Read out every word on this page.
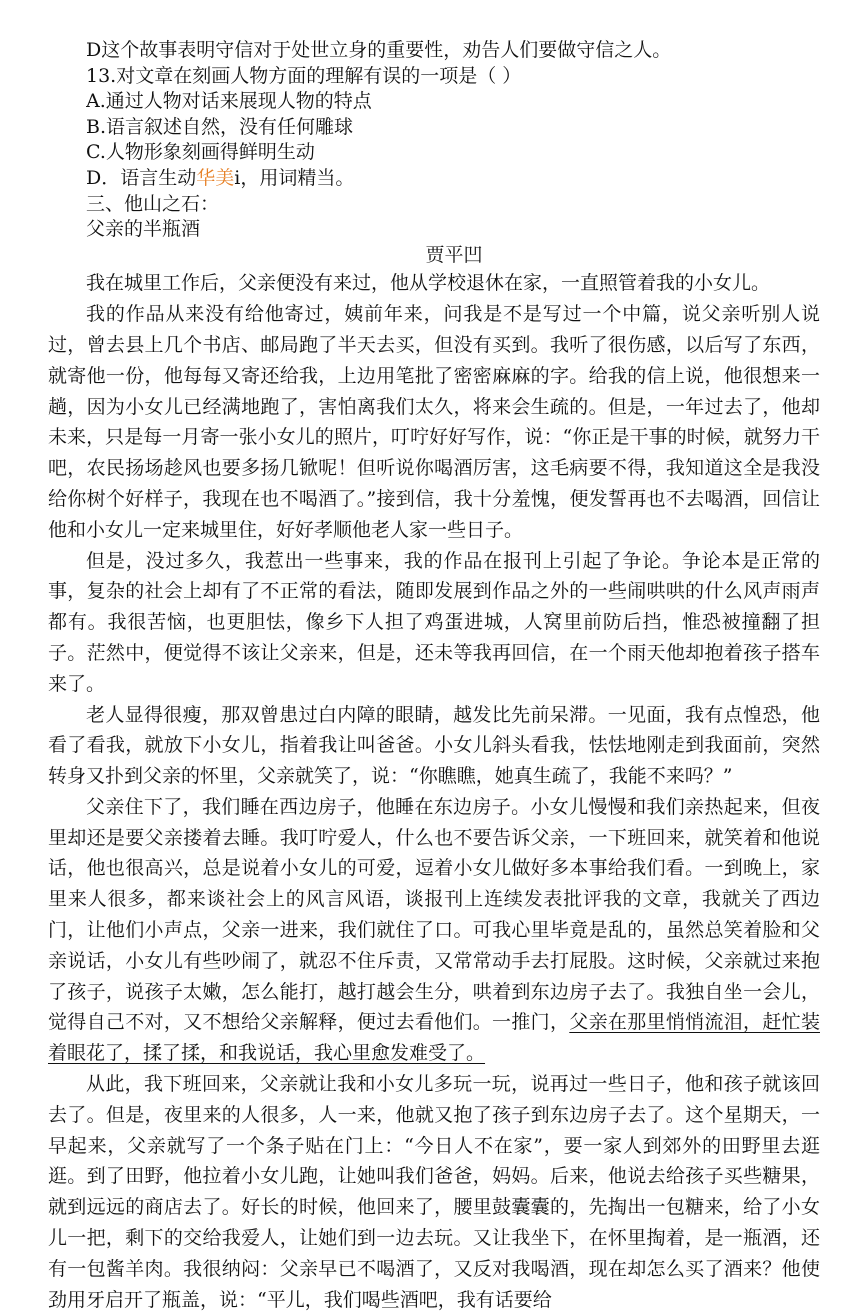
D这个故事表明守信对于处世立身的重要性，劝告人们要做守信之人。
13.对文章在刻画人物方面的理解有误的一项是（ ）
A.通过人物对话来展现人物的特点
B.语言叙述自然，没有任何雕球
C.人物形象刻画得鲜明生动
D．语言生动华美i，用词精当。
三、他山之石：
父亲的半瓶酒
贾平凹

我在城里工作后，父亲便没有来过，他从学校退休在家，一直照管着我的小女儿。

我的作品从来没有给他寄过，姨前年来，问我是不是写过一个中篇，说父亲听别人说过，曾去县上几个书店、邮局跑了半天去买，但没有买到。我听了很伤感，以后写了东西，就寄他一份，他每每又寄还给我，上边用笔批了密密麻麻的字。给我的信上说，他很想来一趟，因为小女儿已经满地跑了，害怕离我们太久，将来会生疏的。但是，一年过去了，他却未来，只是每一月寄一张小女儿的照片，叮咛好好写作，说：“你正是干事的时候，就努力干吧，农民扬场趁风也要多扬几锨呢！但听说你喝酒厉害，这毛病要不得，我知道这全是我没给你树个好样子，我现在也不喝酒了。”接到信，我十分羞愧，便发誓再也不去喝酒，回信让他和小女儿一定来城里住，好好孝顺他老人家一些日子。

但是，没过多久，我惹出一些事来，我的作品在报刊上引起了争论。争论本是正常的事，复杂的社会上却有了不正常的看法，随即发展到作品之外的一些闹哄哄的什么风声雨声都有。我很苦恼，也更胆怯，像乡下人担了鸡蛋进城，人窝里前防后挡，惟恐被撞翻了担子。茫然中，便觉得不该让父亲来，但是，还未等我再回信，在一个雨天他却抱着孩子搭车来了。

老人显得很瘦，那双曾患过白内障的眼睛，越发比先前呆滞。一见面，我有点惶恐，他看了看我，就放下小女儿，指着我让叫爸爸。小女儿斜头看我，怯怯地刚走到我面前，突然转身又扑到父亲的怀里，父亲就笑了，说：“你瞧瞧，她真生疏了，我能不来吗？”

父亲住下了，我们睡在西边房子，他睡在东边房子。小女儿慢慢和我们亲热起来，但夜里却还是要父亲搂着去睡。我叮咛爱人，什么也不要告诉父亲，一下班回来，就笑着和他说话，他也很高兴，总是说着小女儿的可爱，逗着小女儿做好多本事给我们看。一到晚上，家里来人很多，都来谈社会上的风言风语，谈报刊上连续发表批评我的文章，我就关了西边门，让他们小声点，父亲一进来，我们就住了口。可我心里毕竟是乱的，虽然总笑着脸和父亲说话，小女儿有些吵闹了，就忍不住斥责，又常常动手去打屁股。这时候，父亲就过来抱了孩子，说孩子太嫩，怎么能打，越打越会生分，哄着到东边房子去了。我独自坐一会儿，觉得自己不对，又不想给父亲解释，便过去看他们。一推门，父亲在那里悄悄流泪，赶忙装着眼花了，揉了揉，和我说话，我心里愈发难受了。

从此，我下班回来，父亲就让我和小女儿多玩一玩，说再过一些日子，他和孩子就该回去了。但是，夜里来的人很多，人一来，他就又抱了孩子到东边房子去了。这个星期天，一早起来，父亲就写了一个条子贴在门上：“今日人不在家”，要一家人到郊外的田野里去逛逛。到了田野，他拉着小女儿跑，让她叫我们爸爸，妈妈。后来，他说去给孩子买些糖果，就到远远的商店去了。好长的时候，他回来了，腰里鼓囊囊的，先掏出一包糖来，给了小女儿一把，剩下的交给我爱人，让她们到一边去玩。又让我坐下，在怀里掏着，是一瓶酒，还有一包酱羊肉。我很纳闷：父亲早已不喝酒了，又反对我喝酒，现在却怎么买了酒来？他使劲用牙启开了瓶盖，说：“平儿，我们喝些酒吧，我有话要给
